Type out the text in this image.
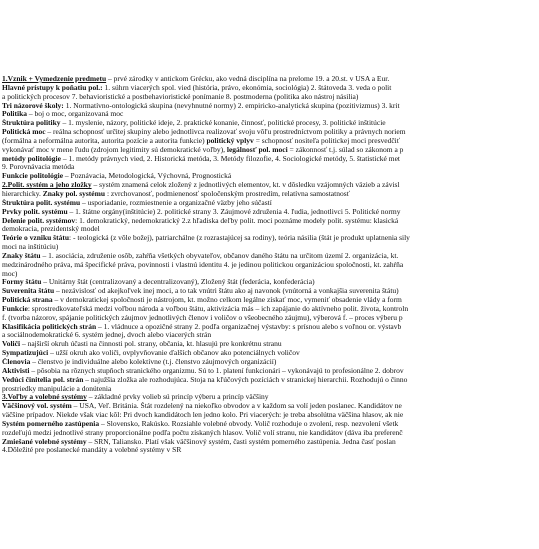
1.Vznik + Vymedzenie predmetu – prvé zárodky v antickom Grécku, ako vedná disciplína na prelome 19. a 20.st. v USA a Eur.
Hlavné prístupy k poňatiu pol.: 1. súhrn viacerých spol. vied (história, právo, ekonómia, sociológia) 2. štátoveda 3. veda o polit
a politických procesov 7. behavioristické a postbehavioristické ponímanie 8. postmoderna (politika ako nástroj násilia)
Tri názorové školy: 1. Normatívno-ontologická skupina (nevyhnutné normy) 2. empiricko-analytická skupina (pozitivizmus) 3. krit
Politika – boj o moc, organizovaná moc
Štruktúra politiky – 1. myslenie, názory, politické ideje, 2. praktické konanie, činnosť, politické procesy, 3. politické inštitúcie
Politická moc – reálna schopnosť určitej skupiny alebo jednotlivca realizovať svoju vôľu prostredníctvom politiky a právnych noriem
(formálna a neformálna autorita, autorita pozície a autorita funkcie) politický vplyv = schopnosť nositeľa politickej moci presvedčiť
vykonávať moc v mene ľudu (zdrojom legitimity sú demokratické voľby), legálnosť pol. moci = zákonnosť t.j. súlad so zákonom a p
metódy politológie – 1. metódy právnych vied, 2. Historická metóda, 3. Metódy filozofie, 4. Sociologické metódy, 5. štatistické met
9. Porovnávacia metóda
Funkcie politológie – Poznávacia, Metodologická, Výchovná, Prognostická
2.Polit. systém a jeho zložky – systém znamená celok zložený z jednotlivých elementov, kt. v dôsledku vzájomných väzieb a závisl
hierarchicky. Znaky pol. systému : zvrchovanosť, podmienenosť spoločenským prostredím, relatívna samostatnosť
Štruktúra polit. systému – usporiadanie, rozmiestnenie a organizačné väzby jeho súčastí
Prvky polit. systému – 1. štátne orgány(inštitúcie) 2. politické strany 3. Záujmové združenia 4. ľudia, jednotlivci 5. Politické normy
Delenie polit. systémov: 1. demokratický, nedemokratický 2.z hľadiska deľby polit. moci poznáme modely polit. systému: klasická
demokracia, prezidentský model
Teórie o vzniku štátu: - teologická (z vôle božej), patriarchálne (z rozrastajúcej sa rodiny), teória násilia (štát je produkt uplatnenia sily
moci na inštitúciu)
Znaky štátu – 1. asociácia, združenie osôb, zahŕňa všetkých obyvateľov, občanov daného štátu na určitom území 2. organizácia, kt.
medzinárodného práva, má špecifické práva, povinnosti i vlastnú identitu 4. je jedinou politickou organizáciou spoločnosti, kt. zahŕňa
moc)
Formy štátu – Unitárny štát (centralizovaný a decentralizovaný), Zložený štát (federácia, konfederácia)
Suverenita štátu – nezávislosť od akejkoľvek inej moci, a to tak vnútri štátu ako aj navonok (vnútorná a vonkajšia suverenita štátu)
Politická strana – v demokratickej spoločnosti je nástrojom, kt. možno celkom legálne získať moc, vymeniť obsadenie vlády a form
Funkcie: sprostredkovateľská medzi voľbou národa a voľbou štátu, aktivizácia más – ich zapájanie do aktívneho polit. života, kontroln
f. (tvorba názorov, spájanie politických záujmov jednotlivých členov i voličov o všeobecného záujmu), výberová f. – proces výberu p
Klasifikácia politických strán – 1. vládnuce a opozičné strany 2. podľa organizačnej výstavby: s prísnou alebo s voľnou or. výstavb
a sociálnodemokratické 6. systém jednej, dvoch alebo viacerých strán
Voliči – najširší okruh účasti na činnosti pol. strany, občania, kt. hlasujú pre konkrétnu stranu
Sympatizujúci – užší okruh ako voliči, ovplyvňovanie ďalších občanov ako potenciálnych voličov
Členovia – členstvo je individuálne alebo kolektívne (t.j. členstvo záujmových organizácií)
Aktivisti – pôsobia na rôznych stupňoch stranického organizmu. Sú to 1. platení funkcionári – vykonávajú to profesionálne 2. dobrov
Vedúci činitelia pol. strán – najužšia zložka ale rozhodujúca. Stoja na kľúčových pozíciách v stranickej hierarchii. Rozhodujú o činno
prostriedky manipulácie a donútenia
3.Voľby a volebné systémy – základné prvky volieb sú princíp výberu a princíp väčšiny
Väčšinový vol. systém – USA, Veľ. Británia. Štát rozdelený na niekoľko obvodov a v každom sa volí jeden poslanec. Kandidátov ne
väčšine prípadov. Niekde však viac kôl: Pri dvoch kandidátoch len jedno kolo. Pri viacerých: je treba absolútna väčšina hlasov, ak nie
Systém pomerného zastúpenia – Slovensko, Rakúsko. Rozsiahle volebné obvody. Volič rozhoduje o zvolení, resp. nezvolení všetk
rozdeľujú medzi jednotlivé strany proporcionálne podľa počtu získaných hlasov. Volič volí stranu, nie kandidátov (dáva iba preferenč
Zmiešané volebné systémy – SRN, Taliansko. Platí však väčšinový systém, časti systém pomerného zastúpenia. Jedna časť poslan
4.Dôležité pre poslanecké mandáty a volebné systémy v SR
